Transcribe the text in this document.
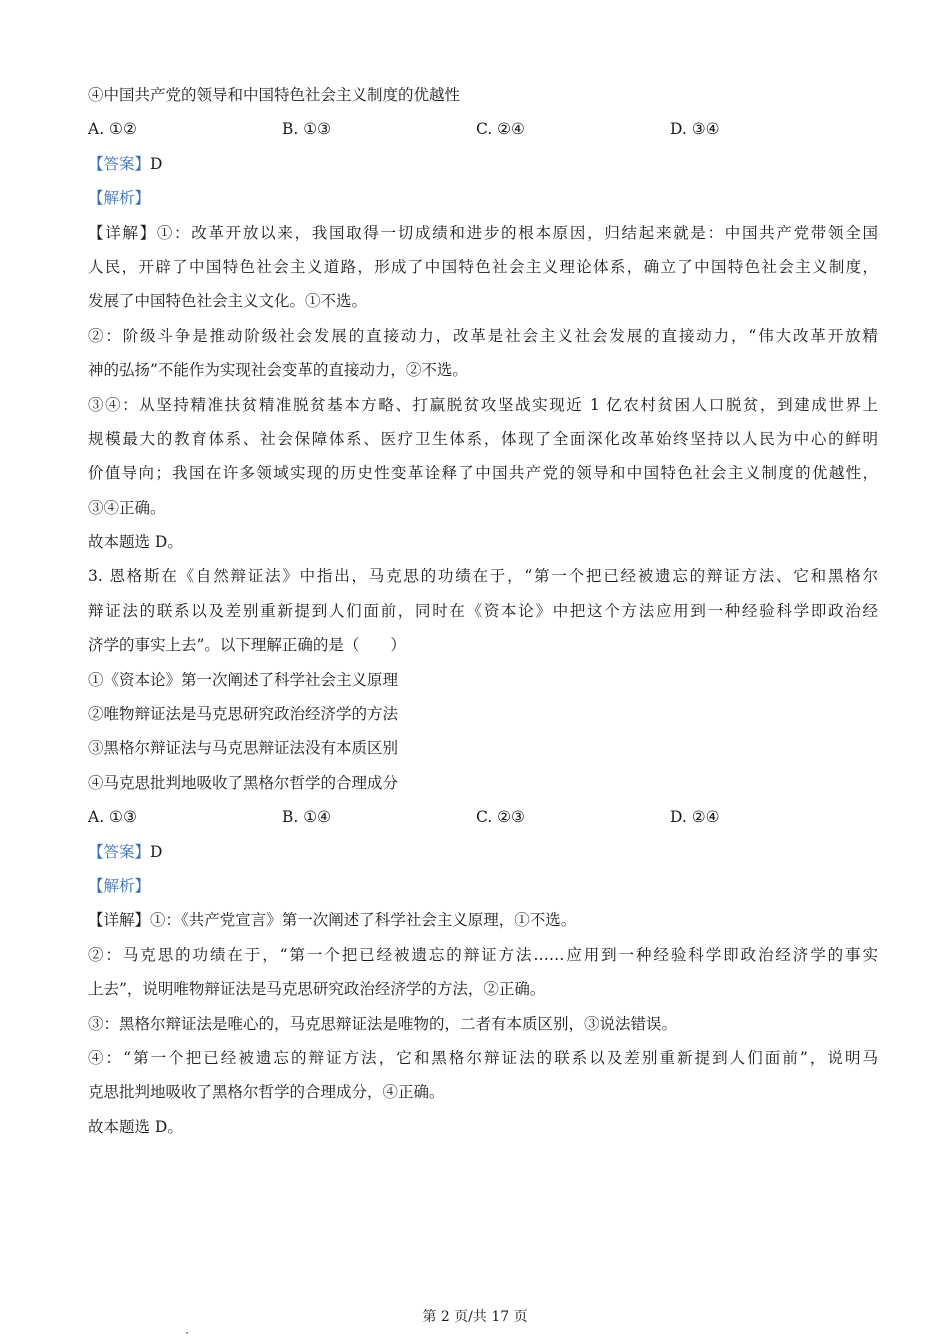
④中国共产党的领导和中国特色社会主义制度的优越性
A. ①②	B. ①③	C. ②④	D. ③④
【答案】D
【解析】
【详解】①：改革开放以来，我国取得一切成绩和进步的根本原因，归结起来就是：中国共产党带领全国
人民，开辟了中国特色社会主义道路，形成了中国特色社会主义理论体系，确立了中国特色社会主义制度，
发展了中国特色社会主义文化。①不选。
②：阶级斗争是推动阶级社会发展的直接动力，改革是社会主义社会发展的直接动力，“伟大改革开放精
神的弘扬”不能作为实现社会变革的直接动力，②不选。
③④：从坚持精准扶贫精准脱贫基本方略、打赢脱贫攻坚战实现近 1 亿农村贫困人口脱贫，到建成世界上
规模最大的教育体系、社会保障体系、医疗卫生体系，体现了全面深化改革始终坚持以人民为中心的鲜明
价值导向；我国在许多领域实现的历史性变革诠释了中国共产党的领导和中国特色社会主义制度的优越性，
③④正确。
故本题选 D。
3. 恩格斯在《自然辩证法》中指出，马克思的功绩在于，“第一个把已经被遗忘的辩证方法、它和黑格尔
辩证法的联系以及差别重新提到人们面前，同时在《资本论》中把这个方法应用到一种经验科学即政治经
济学的事实上去”。以下理解正确的是（　　）
①《资本论》第一次阐述了科学社会主义原理
②唯物辩证法是马克思研究政治经济学的方法
③黑格尔辩证法与马克思辩证法没有本质区别
④马克思批判地吸收了黑格尔哲学的合理成分
A. ①③	B. ①④	C. ②③	D. ②④
【答案】D
【解析】
【详解】①：《共产党宣言》第一次阐述了科学社会主义原理，①不选。
②：马克思的功绩在于，“第一个把已经被遗忘的辩证方法……应用到一种经验科学即政治经济学的事实
上去”，说明唯物辩证法是马克思研究政治经济学的方法，②正确。
③：黑格尔辩证法是唯心的，马克思辩证法是唯物的，二者有本质区别，③说法错误。
④：“第一个把已经被遗忘的辩证方法，它和黑格尔辩证法的联系以及差别重新提到人们面前”，说明马
克思批判地吸收了黑格尔哲学的合理成分，④正确。
故本题选 D。
第 2 页/共 17 页
